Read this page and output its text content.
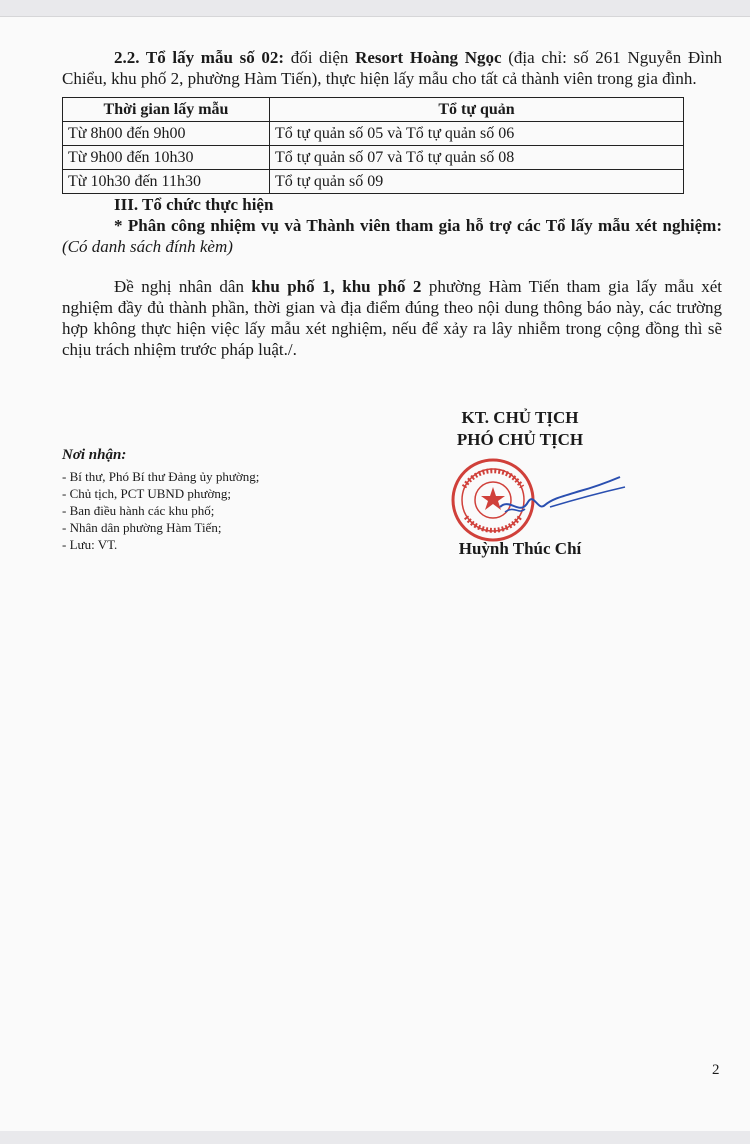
2.2. Tổ lấy mẫu số 02: đối diện Resort Hoàng Ngọc (địa chỉ: số 261 Nguyễn Đình Chiểu, khu phố 2, phường Hàm Tiến), thực hiện lấy mẫu cho tất cả thành viên trong gia đình.

Thời gian lấy mẫu	Tổ tự quản
Từ 8h00 đến 9h00	Tổ tự quản số 05 và Tổ tự quản số 06
Từ 9h00 đến 10h30	Tổ tự quản số 07 và Tổ tự quản số 08
Từ 10h30 đến 11h30	Tổ tự quản số 09

III. Tổ chức thực hiện

* Phân công nhiệm vụ và Thành viên tham gia hỗ trợ các Tổ lấy mẫu xét nghiệm: (Có danh sách đính kèm)

Đề nghị nhân dân khu phố 1, khu phố 2 phường Hàm Tiến tham gia lấy mẫu xét nghiệm đầy đủ thành phần, thời gian và địa điểm đúng theo nội dung thông báo này, các trường hợp không thực hiện việc lấy mẫu xét nghiệm, nếu để xảy ra lây nhiễm trong cộng đồng thì sẽ chịu trách nhiệm trước pháp luật./.

KT. CHỦ TỊCH
PHÓ CHỦ TỊCH
Nơi nhận:
- Bí thư, Phó Bí thư Đảng ủy phường;
- Chủ tịch, PCT UBND phường;
- Ban điều hành các khu phố;
- Nhân dân phường Hàm Tiến;
- Lưu: VT.	Huỳnh Thúc Chí
2
